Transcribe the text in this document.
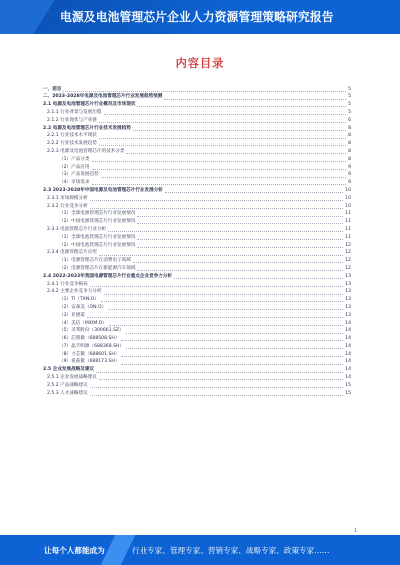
电源及电池管理芯片企业人力资源管理策略研究报告
内容目录
一、前言	5
二、2023-2028年电源及电池管理芯片行业发展趋势预测	5
2.1 电源及电池管理芯片行业概况及市场现状	5
2.1.1 行业背景与发展历程	5
2.1.2 行业现状与产业链	6
2.2 电源及电池管理芯片行业技术发展趋势	8
2.2.1 行业技术水平现状	8
2.2.2 行业技术发展趋势	8
2.2.3 电源及电池管理芯片的技术分类	8
（1）产品分类	8
（2）产品应用	9
（3）产品发展趋势	9
（4）市场需求	9
2.3 2023-2028年中国电源及电池管理芯片行业发展分析	10
2.3.1 市场规模分析	10
2.3.2 行业竞争分析	10
（1）全球电源管理芯片行业发展情况	11
（2）中国电源管理芯片行业发展情况	11
2.3.3 电池管理芯片行业分析	11
（1）全球电池管理芯片行业发展情况	11
（2）中国电池管理芯片行业发展情况	12
2.3.4 电源管理芯片应用	12
（1）电源管理芯片在消费电子领域	12
（2）电源管理芯片在新能源汽车领域	12
2.4 2022-2023年我国电源管理芯片行业重点企业竞争力分析	13
2.4.1 行业竞争格局	13
2.4.2 主要企业竞争力分析	13
（1）TI（TXN.O）	13
（2）安森美（ON.O）	13
（3）亚德诺	13
（4）美信（MXIM.O）	14
（5）圣邦股份（300661.SZ）	14
（6）芯朋微（688508.SH）	14
（7）晶丰明源（688368.SH）	14
（8）力芯微（688601.SH）	14
（9）希荻微（688173.SH）	14
2.5 企业发展战略及建议	14
2.5.1 企业发展战略建议	14
2.5.2 产品战略建议	15
2.5.3 人才战略建议	15
1
让每个人都能成为	行业专家、管理专家、营销专家、战略专家、政策专家……
